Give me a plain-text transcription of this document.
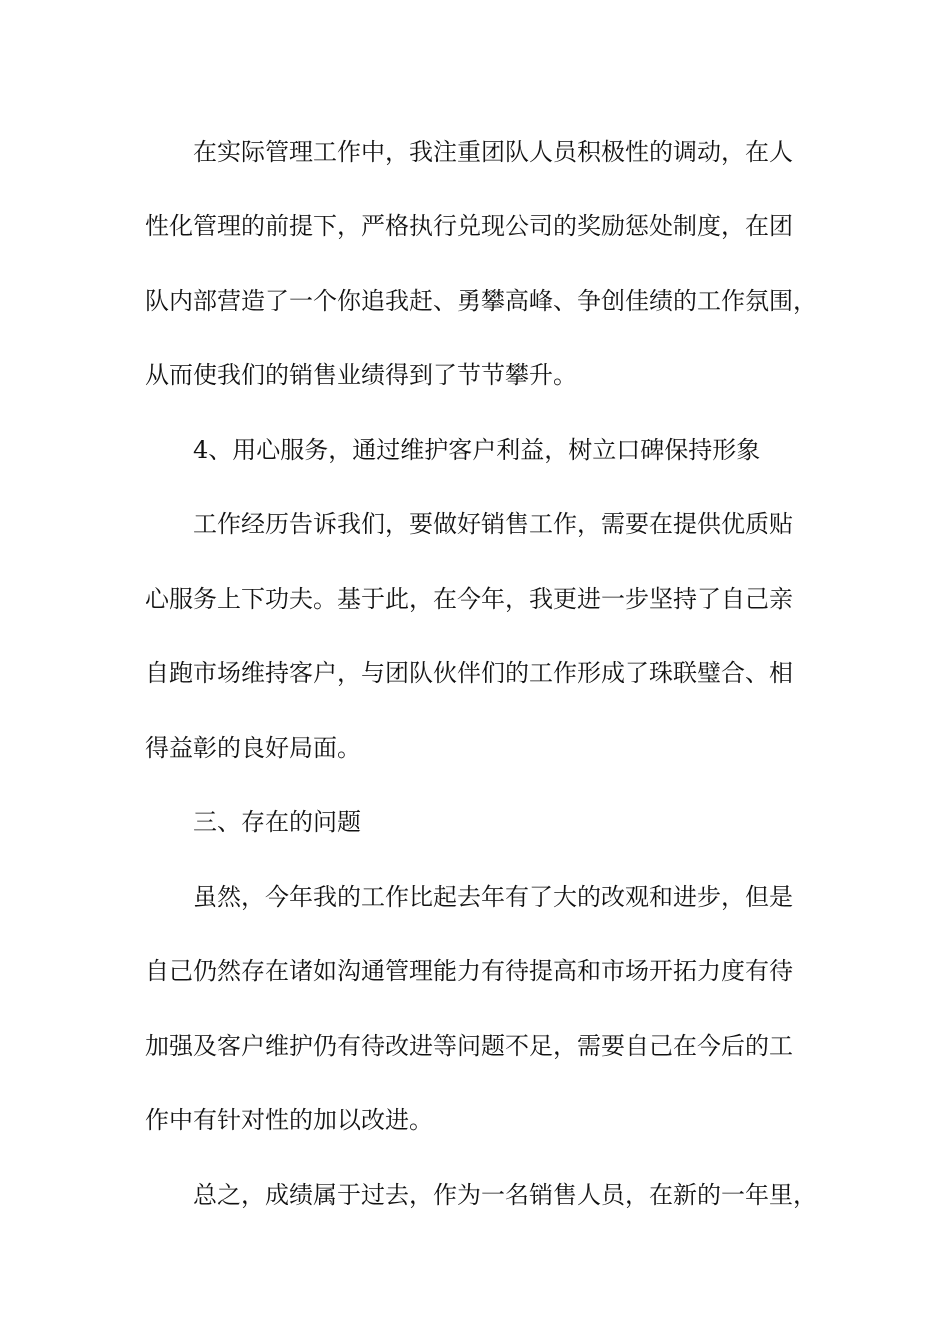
在实际管理工作中，我注重团队人员积极性的调动，在人

性化管理的前提下，严格执行兑现公司的奖励惩处制度，在团

队内部营造了一个你追我赶、勇攀高峰、争创佳绩的工作氛围，

从而使我们的销售业绩得到了节节攀升。

4、用心服务，通过维护客户利益，树立口碑保持形象

工作经历告诉我们，要做好销售工作，需要在提供优质贴

心服务上下功夫。基于此，在今年，我更进一步坚持了自己亲

自跑市场维持客户，与团队伙伴们的工作形成了珠联璧合、相

得益彰的良好局面。

三、存在的问题

虽然，今年我的工作比起去年有了大的改观和进步，但是

自己仍然存在诸如沟通管理能力有待提高和市场开拓力度有待

加强及客户维护仍有待改进等问题不足，需要自己在今后的工

作中有针对性的加以改进。

总之，成绩属于过去，作为一名销售人员，在新的一年里，
